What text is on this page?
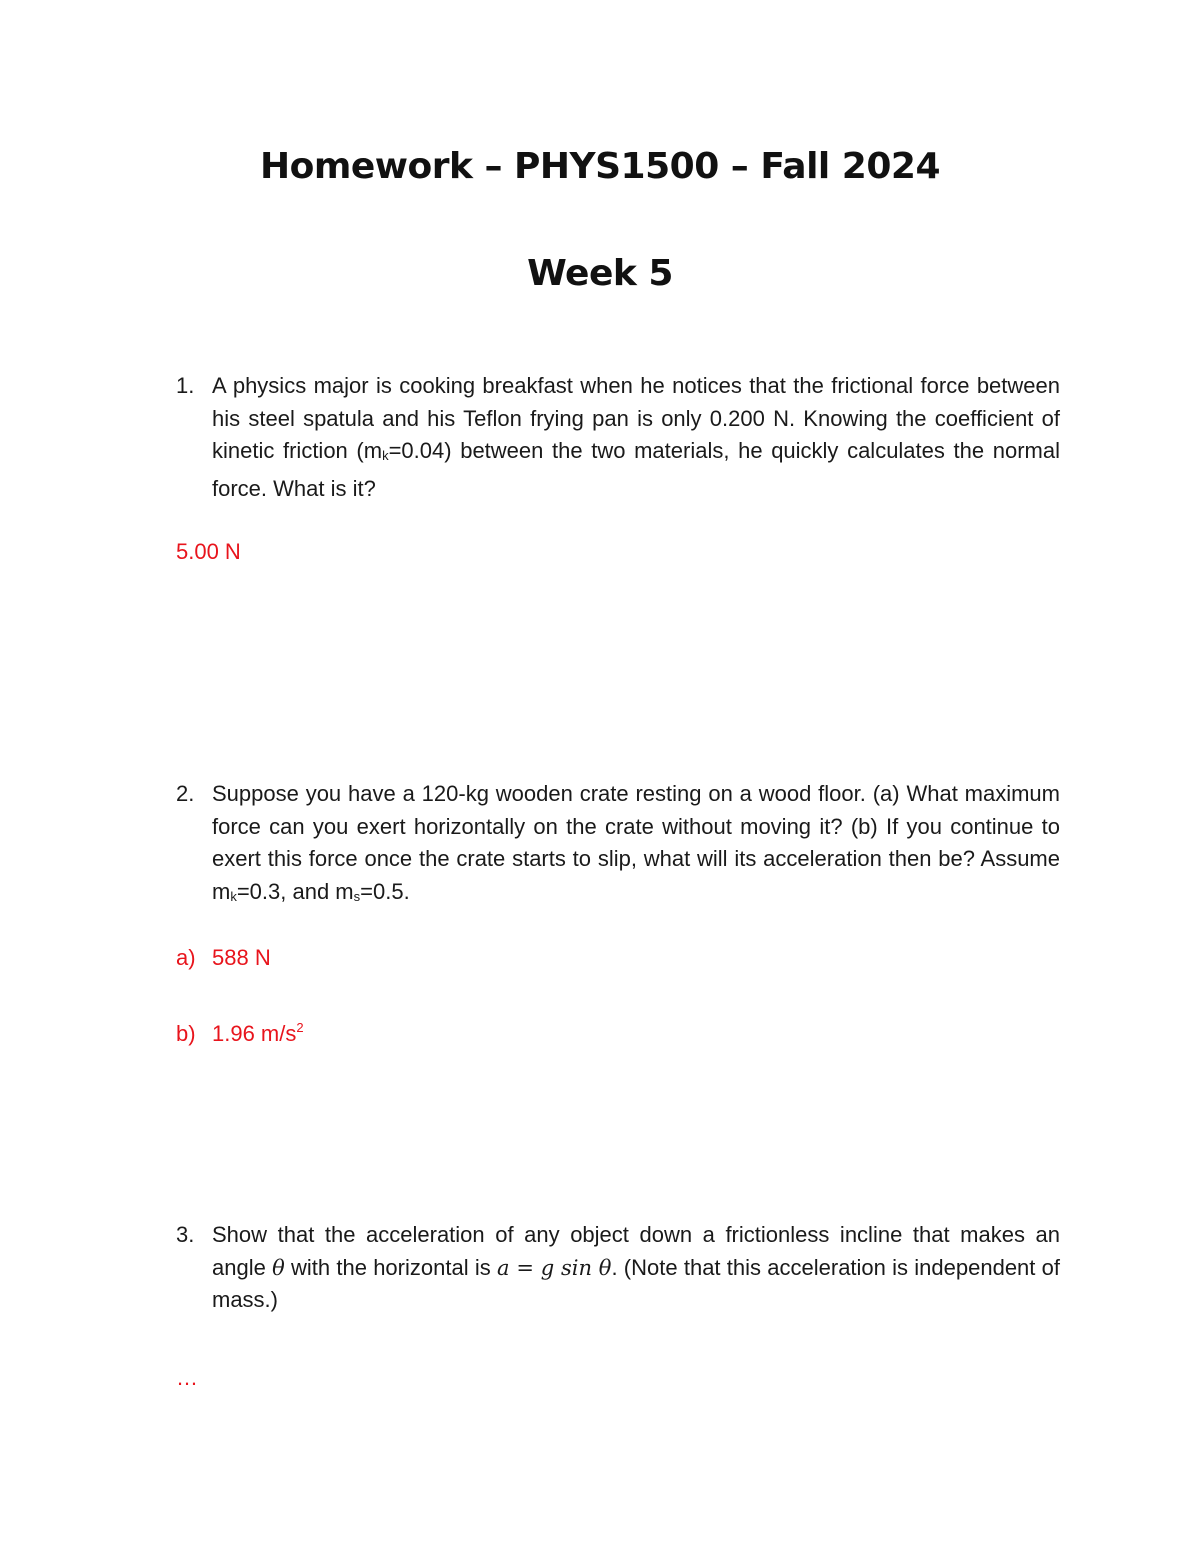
Homework – PHYS1500 – Fall 2024
Week 5
1. A physics major is cooking breakfast when he notices that the frictional force between his steel spatula and his Teflon frying pan is only 0.200 N. Knowing the coefficient of kinetic friction (mk=0.04) between the two materials, he quickly calculates the normal force. What is it?
5.00 N
2. Suppose you have a 120-kg wooden crate resting on a wood floor. (a) What maximum force can you exert horizontally on the crate without moving it? (b) If you continue to exert this force once the crate starts to slip, what will its acceleration then be? Assume mk=0.3, and ms=0.5.
a) 588 N
b) 1.96 $m/s^2$
3. Show that the acceleration of any object down a frictionless incline that makes an angle θ with the horizontal is a = g sin θ. (Note that this acceleration is independent of mass.)
…
